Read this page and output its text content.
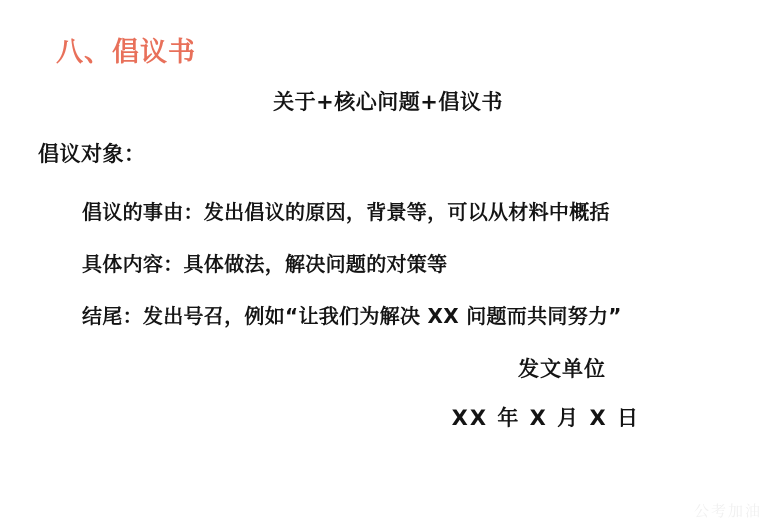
八、倡议书
关于+核心问题+倡议书
倡议对象：
倡议的事由：发出倡议的原因，背景等，可以从材料中概括
具体内容：具体做法，解决问题的对策等
结尾：发出号召，例如“让我们为解决 XX 问题而共同努力”
发文单位
XX 年 X 月 X 日
公考加油
